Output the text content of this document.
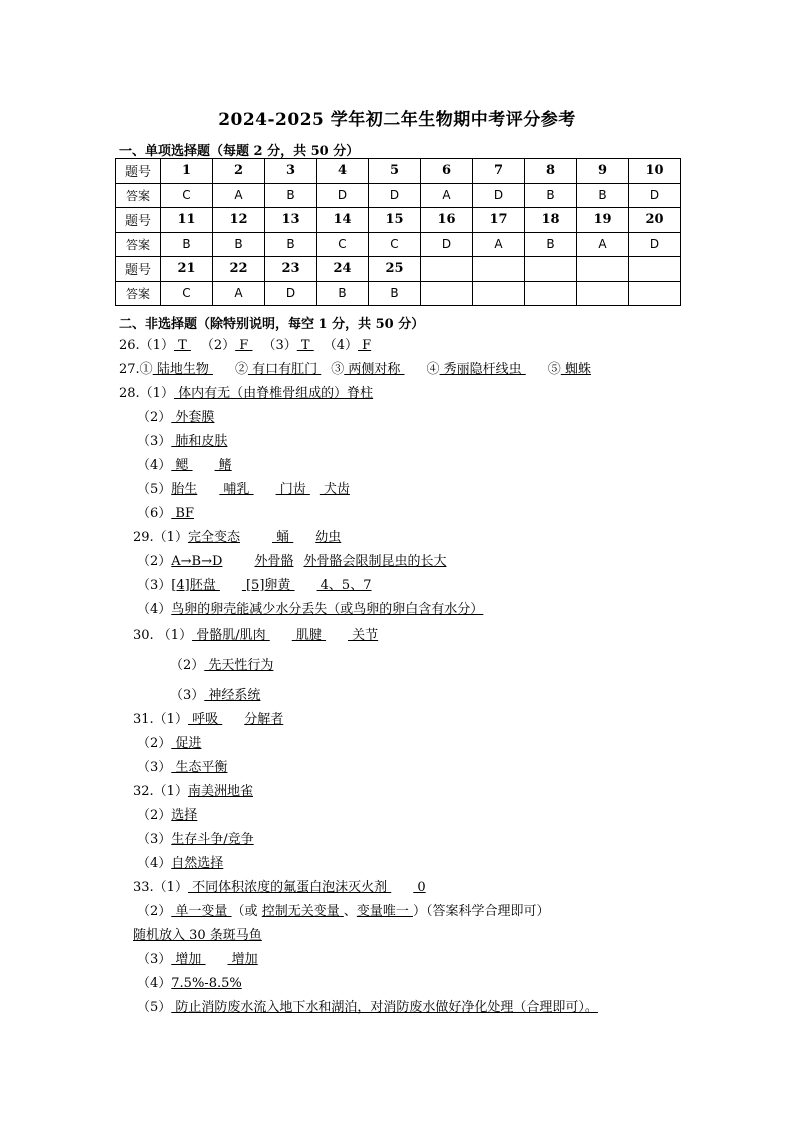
2024-2025 学年初二年生物期中考评分参考
一、单项选择题（每题 2 分，共 50 分）
题号	1	2	3	4	5	6	7	8	9	10
答案	C	A	B	D	D	A	D	B	B	D
题号	11	12	13	14	15	16	17	18	19	20
答案	B	B	B	C	C	D	A	B	A	D
题号	21	22	23	24	25					
答案	C	A	D	B	B					
二、非选择题（除特别说明，每空 1 分，共 50 分）
26.（1） T （2） F （3） T （4） F
27.① 陆地生物 ② 有口有肛门 ③ 两侧对称 ④ 秀丽隐杆线虫 ⑤ 蜘蛛
28.（1） 体内有无（由脊椎骨组成的）脊柱
（2） 外套膜
（3） 肺和皮肤
（4） 鳃  鳍
（5）胎生 哺乳  门齿  犬齿
（6） BF
29.（1）完全变态 蛹 幼虫
（2）A→B→D 外骨骼 外骨骼会限制昆虫的长大
（3）[4]胚盘  [5]卵黄  4、5、7
（4）鸟卵的卵壳能减少水分丢失（或鸟卵的卵白含有水分）
30. （1） 骨骼肌/肌肉  肌腱  关节
（2） 先天性行为
（3） 神经系统
31.（1） 呼吸 分解者
（2） 促进
（3） 生态平衡
32.（1）南美洲地雀
（2）选择
（3）生存斗争/竞争
（4）自然选择
33.（1） 不同体积浓度的氟蛋白泡沫灭火剂  0
（2） 单一变量 （或 控制无关变量 、变量唯一 ）（答案科学合理即可）
随机放入 30 条斑马鱼
（3） 增加  增加
（4）7.5%-8.5%
（5） 防止消防废水流入地下水和湖泊，对消防废水做好净化处理（合理即可）。
